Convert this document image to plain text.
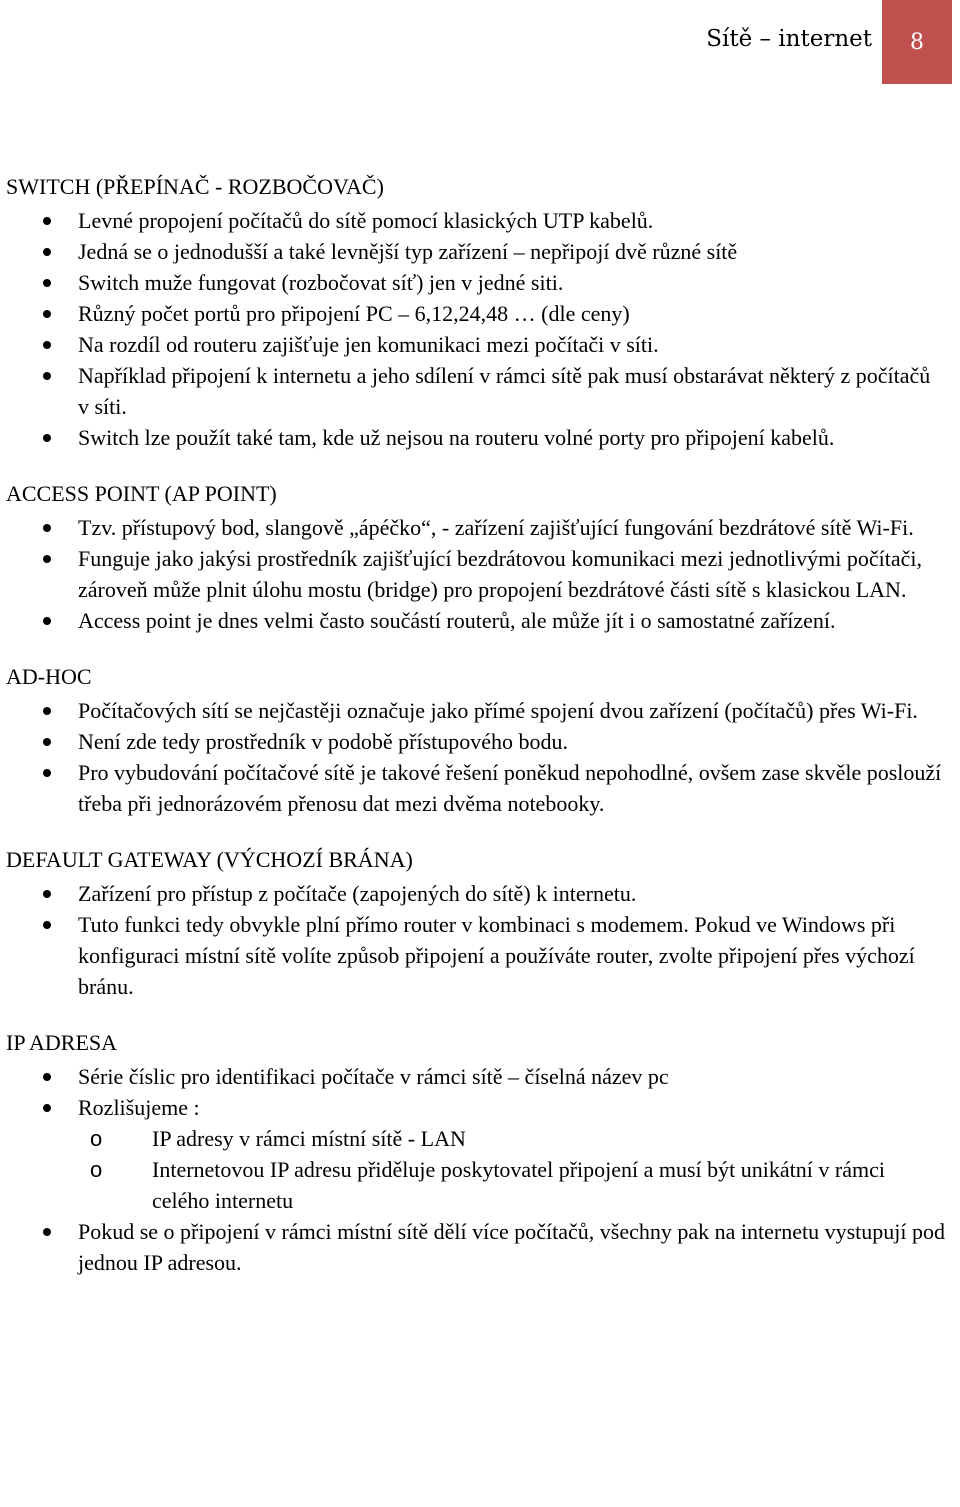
Sítě – internet	8
SWITCH (PŘEPÍNAČ - ROZBOČOVAČ)
Levné propojení počítačů do sítě pomocí klasických UTP kabelů.
Jedná se o jednodušší a také levnější typ zařízení – nepřipojí dvě různé sítě
Switch muže fungovat (rozbočovat síť) jen v jedné siti.
Různý počet portů pro připojení PC – 6,12,24,48 … (dle ceny)
Na rozdíl od routeru zajišťuje jen komunikaci mezi počítači v síti.
Například připojení k internetu a jeho sdílení v rámci sítě pak musí obstarávat některý z počítačů v síti.
Switch lze použít také tam, kde už nejsou na routeru volné porty pro připojení kabelů.
ACCESS POINT (AP POINT)
Tzv. přístupový bod, slangově „ápéčko“, - zařízení zajišťující fungování bezdrátové sítě Wi-Fi.
Funguje jako jakýsi prostředník zajišťující bezdrátovou komunikaci mezi jednotlivými počítači, zároveň může plnit úlohu mostu (bridge) pro propojení bezdrátové části sítě s klasickou LAN.
Access point je dnes velmi často součástí routerů, ale může jít i o samostatné zařízení.
AD-HOC
Počítačových sítí se nejčastěji označuje jako přímé spojení dvou zařízení (počítačů) přes Wi-Fi.
Není zde tedy prostředník v podobě přístupového bodu.
Pro vybudování počítačové sítě je takové řešení poněkud nepohodlné, ovšem zase skvěle poslouží třeba při jednorázovém přenosu dat mezi dvěma notebooky.
DEFAULT GATEWAY (VÝCHOZÍ BRÁNA)
Zařízení pro přístup z počítače (zapojených do sítě) k internetu.
Tuto funkci tedy obvykle plní přímo router v kombinaci s modemem. Pokud ve Windows při konfiguraci místní sítě volíte způsob připojení a používáte router, zvolte připojení přes výchozí bránu.
IP ADRESA
Série číslic pro identifikaci počítače v rámci sítě – číselná název pc
Rozlišujeme :
o IP adresy v rámci místní sítě - LAN
o Internetovou IP adresu přiděluje poskytovatel připojení a musí být unikátní v rámci celého internetu
Pokud se o připojení v rámci místní sítě dělí více počítačů, všechny pak na internetu vystupují pod jednou IP adresou.
